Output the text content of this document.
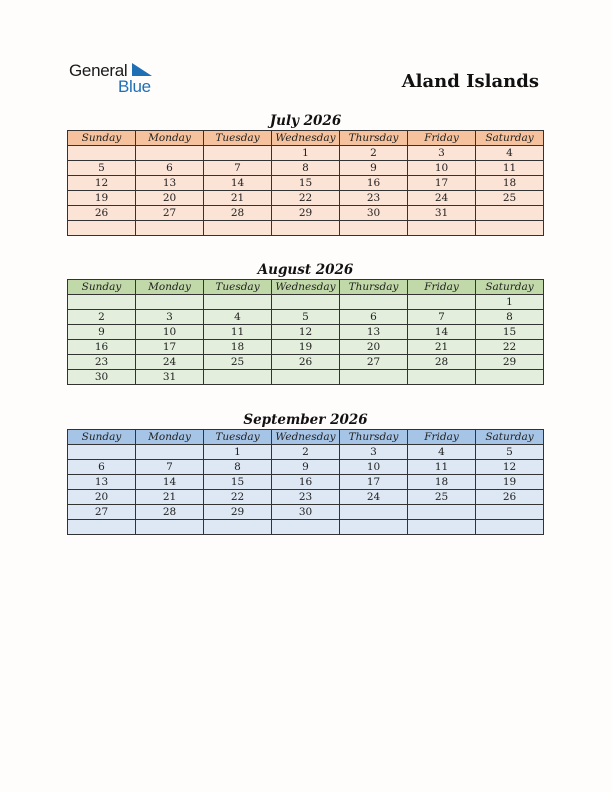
General
Blue	Aland Islands
July 2026
Sunday	Monday	Tuesday	Wednesday	Thursday	Friday	Saturday
			1	2	3	4
5	6	7	8	9	10	11
12	13	14	15	16	17	18
19	20	21	22	23	24	25
26	27	28	29	30	31	

August 2026
Sunday	Monday	Tuesday	Wednesday	Thursday	Friday	Saturday
						1
2	3	4	5	6	7	8
9	10	11	12	13	14	15
16	17	18	19	20	21	22
23	24	25	26	27	28	29
30	31					
September 2026
Sunday	Monday	Tuesday	Wednesday	Thursday	Friday	Saturday
		1	2	3	4	5
6	7	8	9	10	11	12
13	14	15	16	17	18	19
20	21	22	23	24	25	26
27	28	29	30			
